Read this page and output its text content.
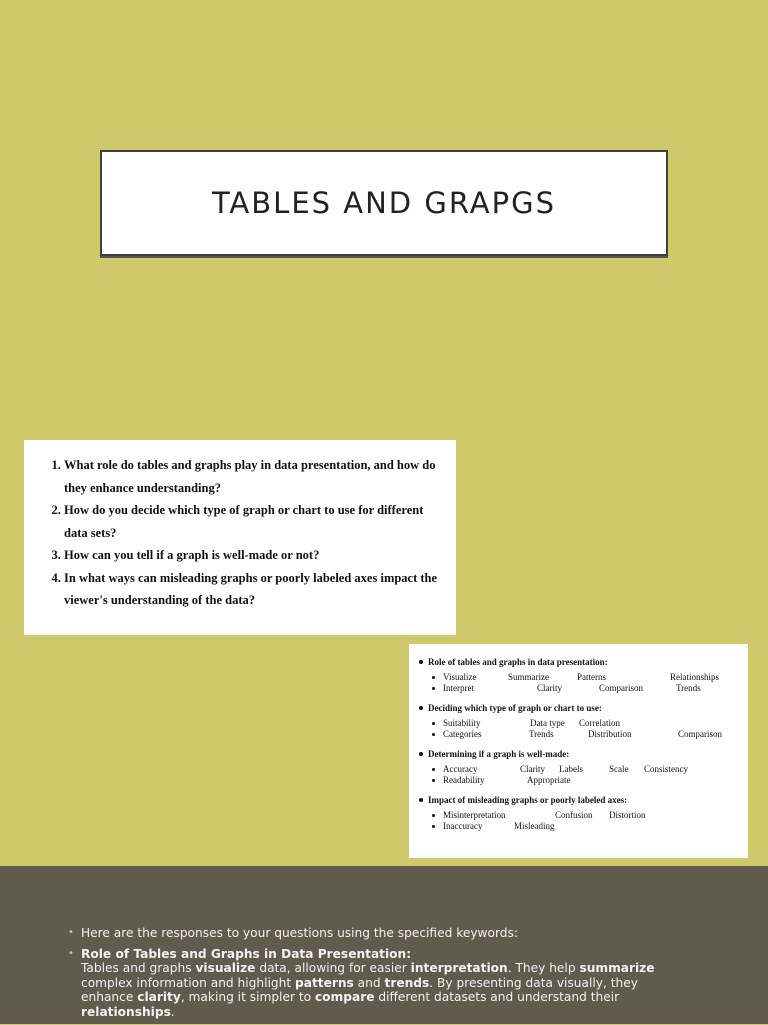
TABLES AND GRAPGS
1. What role do tables and graphs play in data presentation, and how do they enhance understanding?
2. How do you decide which type of graph or chart to use for different data sets?
3. How can you tell if a graph is well-made or not?
4. In what ways can misleading graphs or poorly labeled axes impact the viewer's understanding of the data?
Role of tables and graphs in data presentation:
Visualize	Summarize	Patterns	Relationships
Interpret	Clarity	Comparison	Trends
Deciding which type of graph or chart to use:
Suitability	Data type Correlation
Categories	Trends	Distribution	Comparison
Determining if a graph is well-made:
Accuracy	Clarity Labels	Scale Consistency
Readability	Appropriate
Impact of misleading graphs or poorly labeled axes:
Misinterpretation	Confusion Distortion
Inaccuracy	Misleading
• Here are the responses to your questions using the specified keywords:
• Role of Tables and Graphs in Data Presentation:
Tables and graphs visualize data, allowing for easier interpretation. They help summarize complex information and highlight patterns and trends. By presenting data visually, they enhance clarity, making it simpler to compare different datasets and understand their relationships.
